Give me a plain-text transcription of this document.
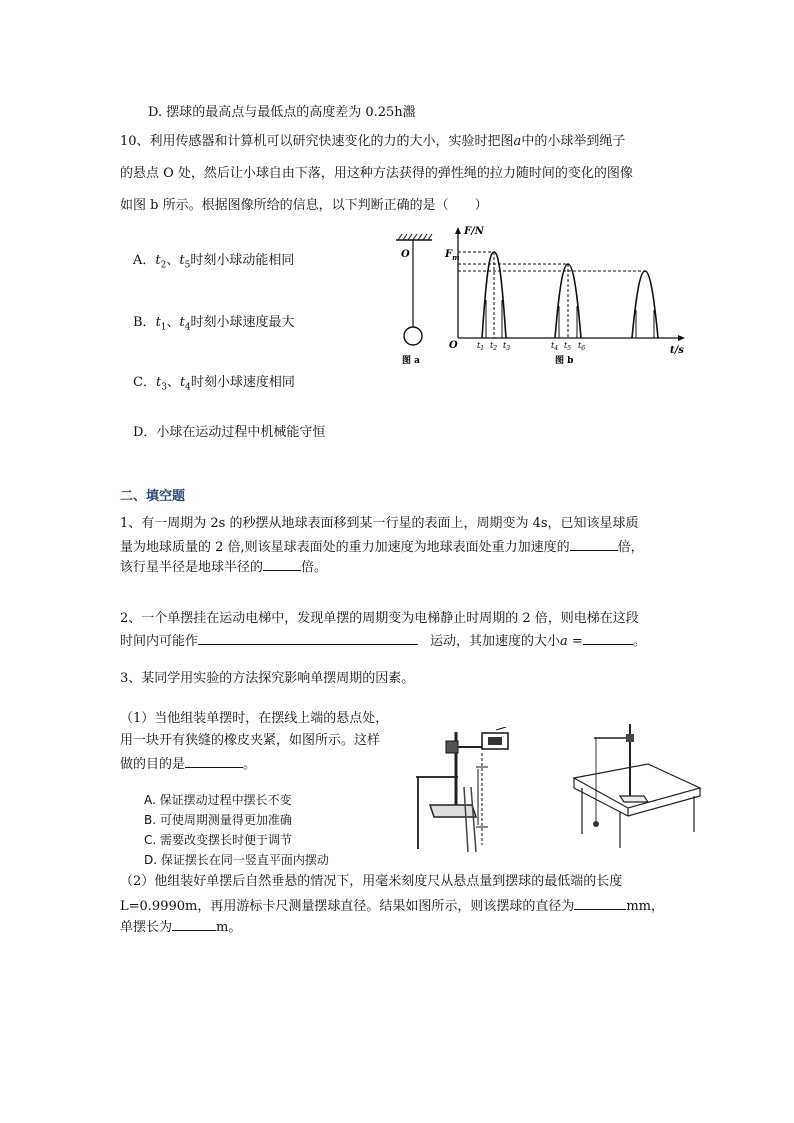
D. 摆球的最高点与最低点的高度差为 0.25h瀊
10、利用传感器和计算机可以研究快速变化的力的大小，实验时把图a中的小球举到绳子
的悬点 O 处，然后让小球自由下落，用这种方法获得的弹性绳的拉力随时间的变化的图像
如图 b 所示。根据图像所给的信息，以下判断正确的是（　　）
A．$t_2$、$t_5$时刻小球动能相同
B．$t_1$、$t_4$时刻小球速度最大
C．$t_3$、$t_4$时刻小球速度相同
D．小球在运动过程中机械能守恒
O
图 a
F/N
t/s
O
$F_m$
$t_1$ $t_2$ $t_3$	$t_4$ $t_5$ $t_6$
图 b
二、填空题
1、有一周期为 2s 的秒摆从地球表面移到某一行星的表面上，周期变为 4s，已知该星球质
量为地球质量的 2 倍,则该星球表面处的重力加速度为地球表面处重力加速度的	倍，
该行星半径是地球半径的	倍。
2、一个单摆挂在运动电梯中，发现单摆的周期变为电梯静止时周期的 2 倍，则电梯在这段
时间内可能作	运动，其加速度的大小a =	。
3、某同学用实验的方法探究影响单摆周期的因素。
（1）当他组装单摆时，在摆线上端的悬点处，
用一块开有狭缝的橡皮夹紧，如图所示。这样
做的目的是	。
A. 保证摆动过程中摆长不变
B. 可使周期测量得更加准确
C. 需要改变摆长时便于调节
D. 保证摆长在同一竖直平面内摆动
（2）他组装好单摆后自然垂悬的情况下，用毫米刻度尺从悬点量到摆球的最低端的长度
L=0.9990m，再用游标卡尺测量摆球直径。结果如图所示，则该摆球的直径为	mm，
单摆长为	m。
